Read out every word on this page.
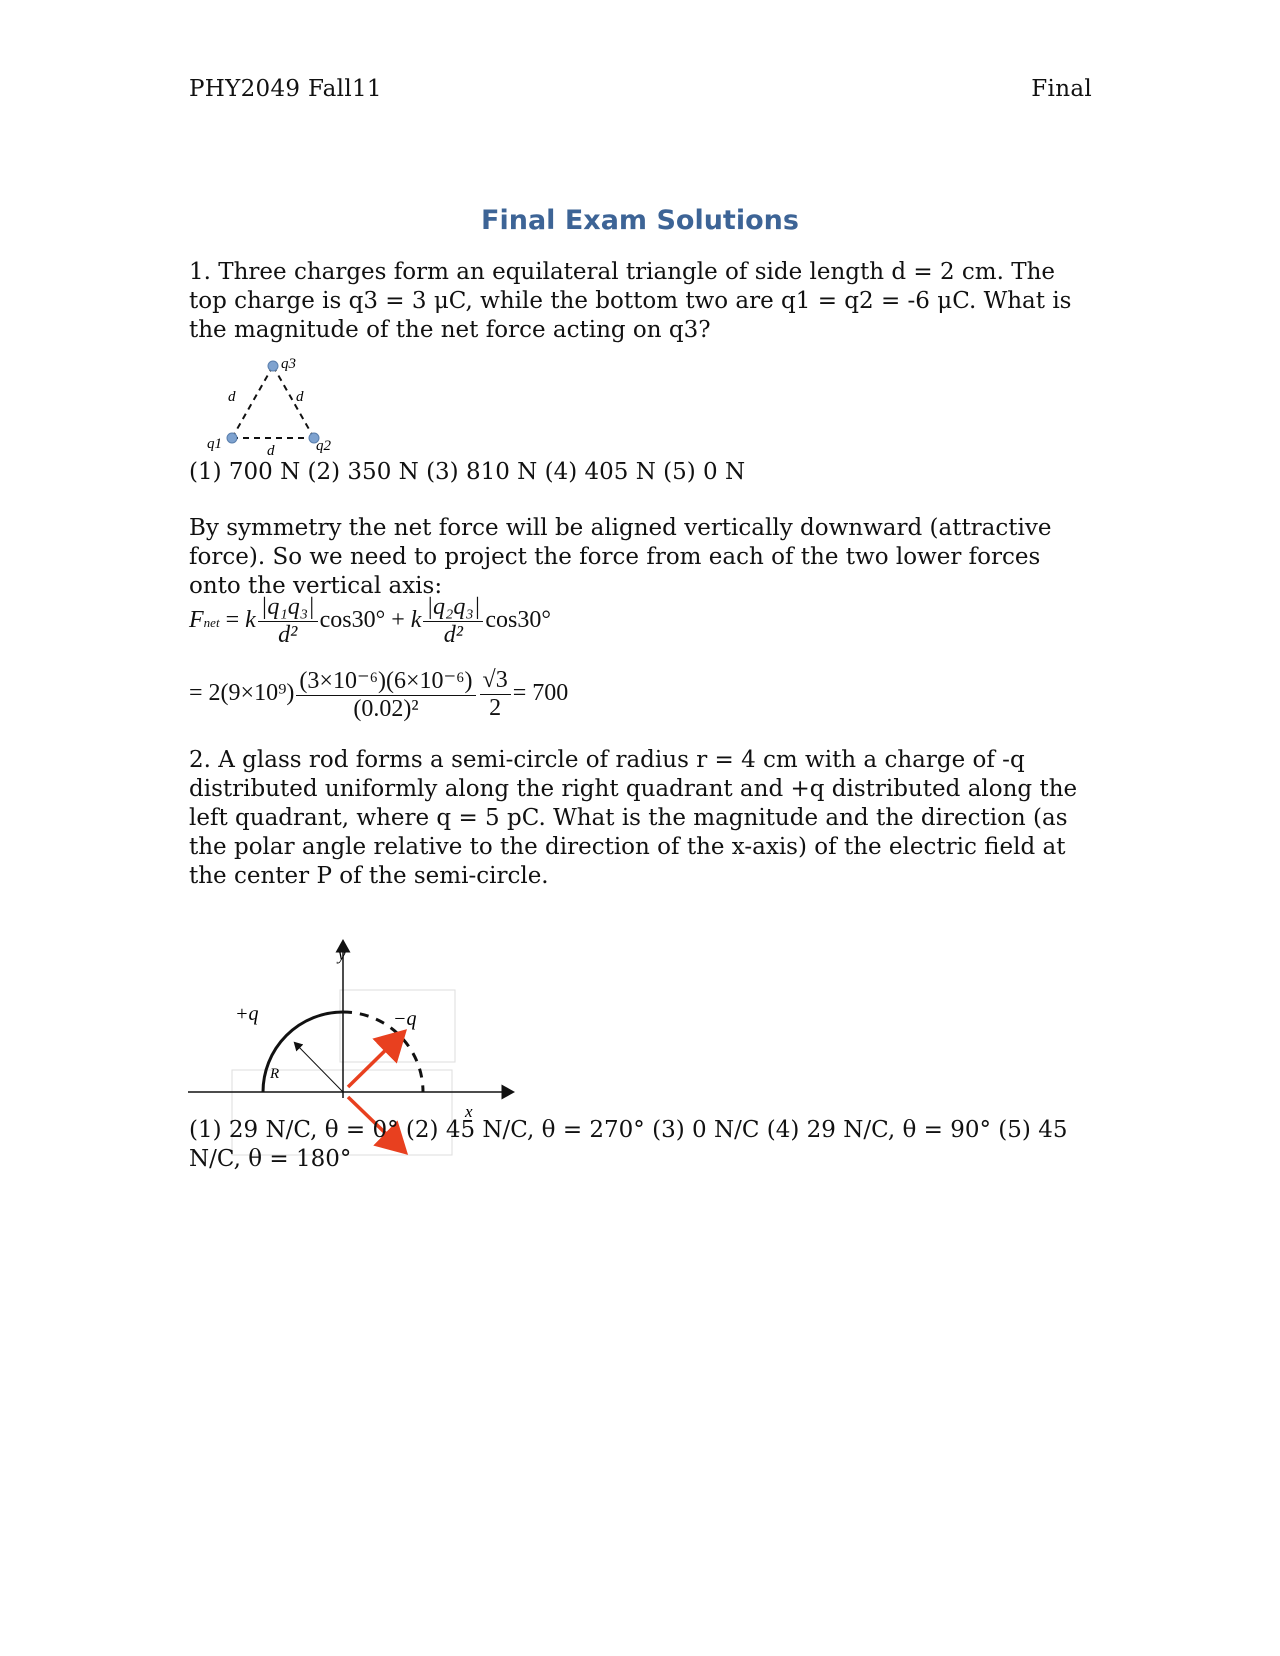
PHY2049 Fall11	Final
Final Exam Solutions
1. Three charges form an equilateral triangle of side length d = 2 cm. The top charge is q3 = 3 μC, while the bottom two are q1 = q2 = -6 μC. What is the magnitude of the net force acting on q3?
q3
q1	q2
d	d
d
(1) 700 N (2) 350 N (3) 810 N (4) 405 N (5) 0 N
By symmetry the net force will be aligned vertically downward (attractive force). So we need to project the force from each of the two lower forces onto the vertical axis:
Fnet = k $\frac{\text{|q₁q₃|}}{\text{d²}} \cos 30^\circ + k \frac{\text{|q₂q₃|}}{\text{d²}} \cos 30^\circ$
= $2(9\times 10^9) \frac{\text{(3×10⁻⁶)(6×10⁻⁶)}}{\text{(0.02)²}} \frac{√3}{2} = 700$
2. A glass rod forms a semi-circle of radius r = 4 cm with a charge of -q distributed uniformly along the right quadrant and +q distributed along the left quadrant, where q = 5 pC. What is the magnitude and the direction (as the polar angle relative to the direction of the x-axis) of the electric field at the center P of the semi-circle.
+q	−q
R
y
x
(1) 29 N/C, θ = 0° (2) 45 N/C, θ = 270° (3) 0 N/C (4) 29 N/C, θ = 90° (5) 45 N/C, θ = 180°
